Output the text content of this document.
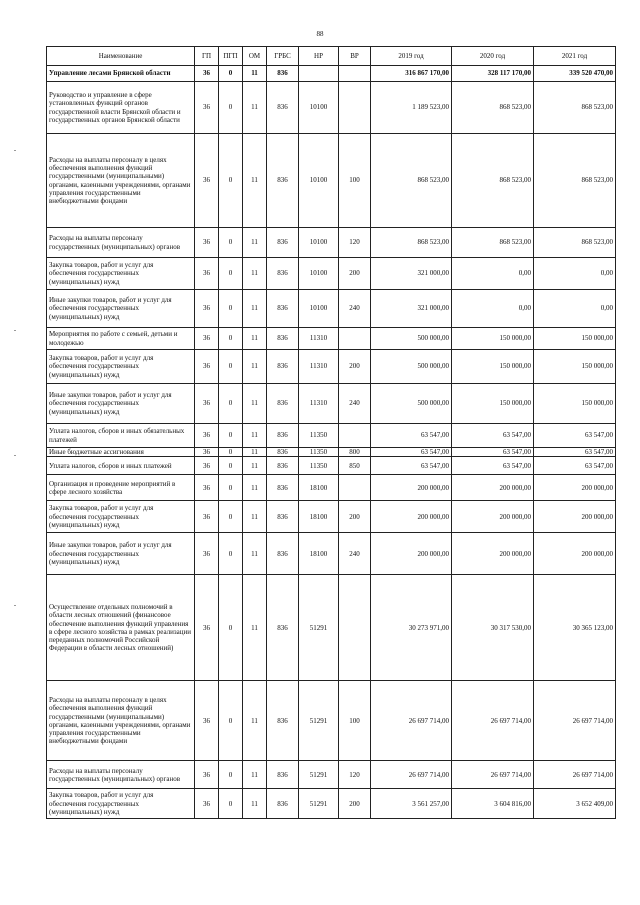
88
Наименование	ГП	ПГП	ОМ	ГРБС	НР	ВР	2019 год	2020 год	2021 год
Управление лесами Брянской области	36	0	11	836			316 867 170,00	328 117 170,00	339 520 470,00
Руководство и управление в сфере установленных функций органов государственной власти Брянской области и государственных органов Брянской области	36	0	11	836	10100		1 189 523,00	868 523,00	868 523,00
Расходы на выплаты персоналу в целях обеспечения выполнения функций государственными (муниципальными) органами, казенными учреждениями, органами управления государственными внебюджетными фондами	36	0	11	836	10100	100	868 523,00	868 523,00	868 523,00
Расходы на выплаты персоналу государственных (муниципальных) органов	36	0	11	836	10100	120	868 523,00	868 523,00	868 523,00
Закупка товаров, работ и услуг для обеспечения государственных (муниципальных) нужд	36	0	11	836	10100	200	321 000,00	0,00	0,00
Иные закупки товаров, работ и услуг для обеспечения государственных (муниципальных) нужд	36	0	11	836	10100	240	321 000,00	0,00	0,00
Мероприятия по работе с семьей, детьми и молодежью	36	0	11	836	11310		500 000,00	150 000,00	150 000,00
Закупка товаров, работ и услуг для обеспечения государственных (муниципальных) нужд	36	0	11	836	11310	200	500 000,00	150 000,00	150 000,00
Иные закупки товаров, работ и услуг для обеспечения государственных (муниципальных) нужд	36	0	11	836	11310	240	500 000,00	150 000,00	150 000,00
Уплата налогов, сборов и иных обязательных платежей	36	0	11	836	11350		63 547,00	63 547,00	63 547,00
Иные бюджетные ассигнования	36	0	11	836	11350	800	63 547,00	63 547,00	63 547,00
Уплата налогов, сборов и иных платежей	36	0	11	836	11350	850	63 547,00	63 547,00	63 547,00
Организация и проведение мероприятий в сфере лесного хозяйства	36	0	11	836	18100		200 000,00	200 000,00	200 000,00
Закупка товаров, работ и услуг для обеспечения государственных (муниципальных) нужд	36	0	11	836	18100	200	200 000,00	200 000,00	200 000,00
Иные закупки товаров, работ и услуг для обеспечения государственных (муниципальных) нужд	36	0	11	836	18100	240	200 000,00	200 000,00	200 000,00
Осуществление отдельных полномочий в области лесных отношений (финансовое обеспечение выполнения функций управления в сфере лесного хозяйства в рамках реализации переданных полномочий Российской Федерации в области лесных отношений)	36	0	11	836	51291		30 273 971,00	30 317 530,00	30 365 123,00
Расходы на выплаты персоналу в целях обеспечения выполнения функций государственными (муниципальными) органами, казенными учреждениями, органами управления государственными внебюджетными фондами	36	0	11	836	51291	100	26 697 714,00	26 697 714,00	26 697 714,00
Расходы на выплаты персоналу государственных (муниципальных) органов	36	0	11	836	51291	120	26 697 714,00	26 697 714,00	26 697 714,00
Закупка товаров, работ и услуг для обеспечения государственных (муниципальных) нужд	36	0	11	836	51291	200	3 561 257,00	3 604 816,00	3 652 409,00
